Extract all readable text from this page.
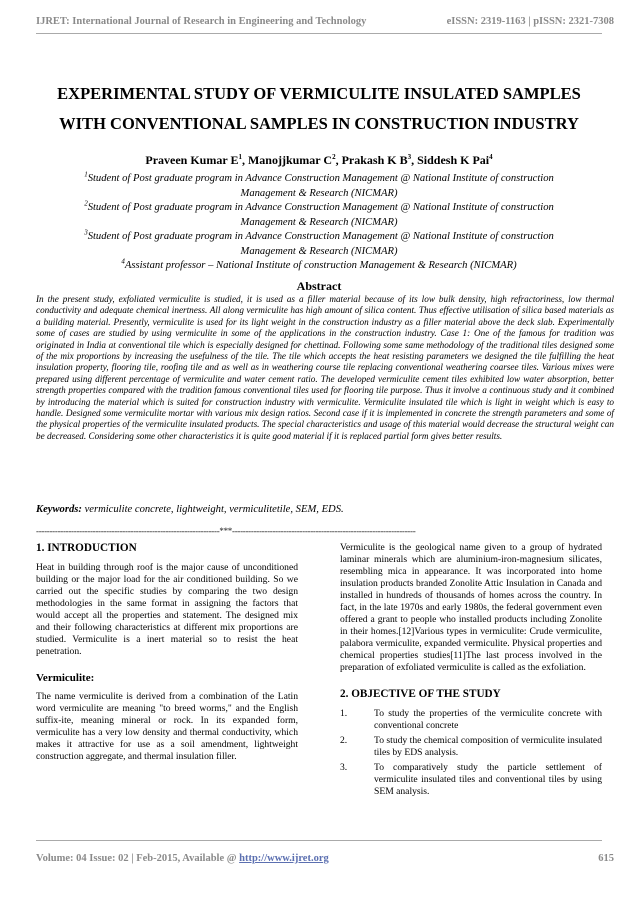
IJRET: International Journal of Research in Engineering and Technology	eISSN: 2319-1163 | pISSN: 2321-7308
EXPERIMENTAL STUDY OF VERMICULITE INSULATED SAMPLES
WITH CONVENTIONAL SAMPLES IN CONSTRUCTION INDUSTRY
Praveen Kumar $E^1$, Manojjkumar $C^2$, Prakash K $B^3$, Siddesh K Pai$^4$
$^1$Student of Post graduate program in Advance Construction Management @ National Institute of construction
Management & Research (NICMAR)
$^2$Student of Post graduate program in Advance Construction Management @ National Institute of construction
Management & Research (NICMAR)
$^3$Student of Post graduate program in Advance Construction Management @ National Institute of construction
Management & Research (NICMAR)
$^4$Assistant professor – National Institute of construction Management & Research (NICMAR)
Abstract
In the present study, exfoliated vermiculite is studied, it is used as a filler material because of its low bulk density, high refractoriness, low thermal conductivity and adequate chemical inertness. All along vermiculite has high amount of silica content. Thus effective utilisation of silica based materials as a building material. Presently, vermiculite is used for its light weight in the construction industry as a filler material above the deck slab. Experimentally some of cases are studied by using vermiculite in some of the applications in the construction industry. Case 1: One of the famous for tradition was originated in India at conventional tile which is especially designed for chettinad. Following some same methodology of the traditional tiles designed some of the mix proportions by increasing the usefulness of the tile. The tile which accepts the heat resisting parameters we designed the tile fulfilling the heat insulation property, flooring tile, roofing tile and as well as in weathering course tile replacing conventional weathering coarsee tiles. Various mixes were prepared using different percentage of vermiculite and water cement ratio. The developed vermiculite cement tiles exhibited low water absorption, better strength properties compared with the tradition famous conventional tiles used for flooring tile purpose. Thus it involve a continuous study and it combined by introducing the material which is suited for construction industry with vermiculite. Vermiculite insulated tile which is light in weight which is easy to handle. Designed some vermiculite mortar with various mix design ratios. Second case if it is implemented in concrete the strength parameters and some of the physical properties of the vermiculite insulated products. The special characteristics and usage of this material would decrease the structural weight can be decreased. Considering some other characteristics it is quite good material if it is replaced partial form gives better results.
Keywords: vermiculite concrete, lightweight, vermiculitetile, SEM, EDS.
--------------------------------------------------------------------***--------------------------------------------------------------------
1. INTRODUCTION

Heat in building through roof is the major cause of unconditioned building or the major load for the air conditioned building. So we carried out the specific studies by comparing the two design methodologies in the same format in assigning the factors that would accept all the properties and statement. The designed mix and their following characteristics at different mix proportions are studied. Vermiculite is a inert material so to resist the heat penetration.

Vermiculite:

The name vermiculite is derived from a combination of the Latin word vermiculite are meaning "to breed worms," and the English suffix-ite, meaning mineral or rock. In its expanded form, vermiculite has a very low density and thermal conductivity, which makes it attractive for use as a soil amendment, lightweight construction aggregate, and thermal insulation filler.

Vermiculite is the geological name given to a group of hydrated laminar minerals which are aluminium-iron-magnesium silicates, resembling mica in appearance. It was incorporated into home insulation products branded Zonolite Attic Insulation in Canada and installed in hundreds of thousands of homes across the country. In fact, in the late 1970s and early 1980s, the federal government even offered a grant to people who installed products including Zonolite in their homes.[12]Various types in vermiculite: Crude vermiculite, palabora vermiculite, expanded vermiculite. Physical properties and chemical properties studies[11]The last process involved in the preparation of exfoliated vermiculite is called as the exfoliation.

2. OBJECTIVE OF THE STUDY
1.	To study the properties of the vermiculite concrete with conventional concrete
2.	To study the chemical composition of vermiculite insulated tiles by EDS analysis.
3.	To comparatively study the particle settlement of vermiculite insulated tiles and conventional tiles by using SEM analysis.
Volume: 04 Issue: 02 | Feb-2015, Available @ http://www.ijret.org	615
